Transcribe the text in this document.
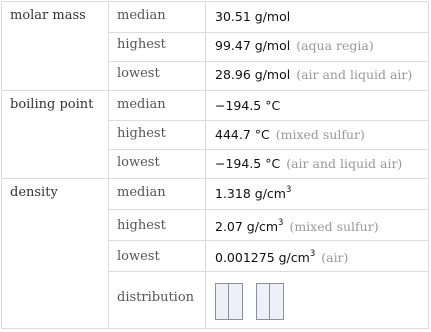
molar mass median
highest
lowest
30.51 g/mol
99.47 g/mol (aqua regia)
28.96 g/mol (air and liquid air)
boiling point median
highest
lowest
−194.5 °C
444.7 °C (mixed sulfur)
−194.5 °C (air and liquid air)
density	median
highest
lowest
distribution
1.318 $g/cm^3$
2.07 $g/cm^3$ (mixed sulfur)
0.001275 $g/cm^3$ (air)
